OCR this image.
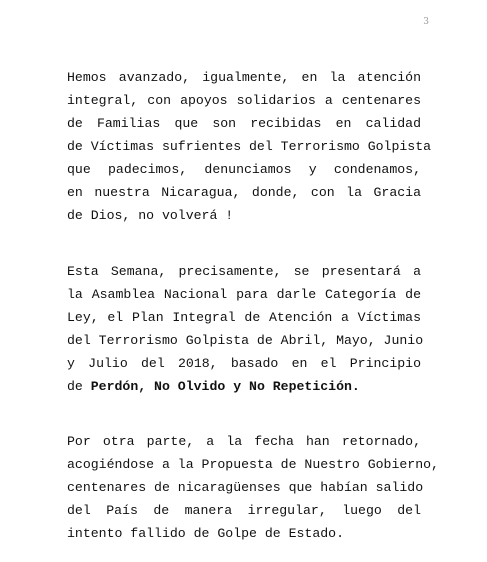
3
Hemos avanzado, igualmente, en la atención
integral, con apoyos solidarios a centenares
de Familias que son recibidas en calidad
de Víctimas sufrientes del Terrorismo Golpista
que padecimos, denunciamos y condenamos,
en nuestra Nicaragua, donde, con la Gracia
de Dios, no volverá !
Esta Semana, precisamente, se presentará a
la Asamblea Nacional para darle Categoría de
Ley, el Plan Integral de Atención a Víctimas
del Terrorismo Golpista de Abril, Mayo, Junio
y Julio del 2018, basado en el Principio
de Perdón, No Olvido y No Repetición.
Por otra parte, a la fecha han retornado,
acogiéndose a la Propuesta de Nuestro Gobierno,
centenares de nicaragüenses que habían salido
del País de manera irregular, luego del
intento fallido de Golpe de Estado.
